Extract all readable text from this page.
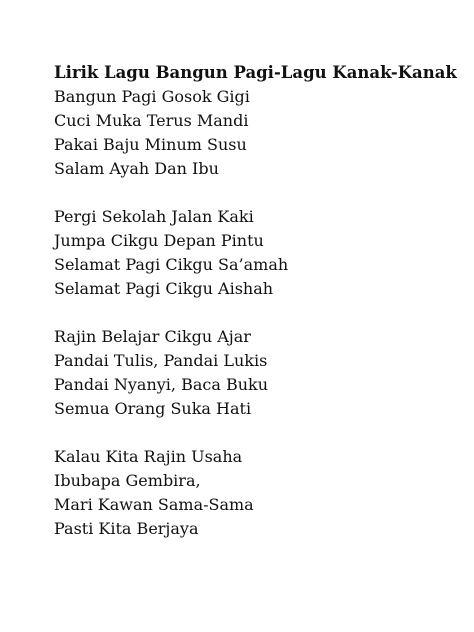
Lirik Lagu Bangun Pagi-Lagu Kanak-Kanak
Bangun Pagi Gosok Gigi
Cuci Muka Terus Mandi
Pakai Baju Minum Susu
Salam Ayah Dan Ibu
Pergi Sekolah Jalan Kaki
Jumpa Cikgu Depan Pintu
Selamat Pagi Cikgu Sa’amah
Selamat Pagi Cikgu Aishah
Rajin Belajar Cikgu Ajar
Pandai Tulis, Pandai Lukis
Pandai Nyanyi, Baca Buku
Semua Orang Suka Hati
Kalau Kita Rajin Usaha
Ibubapa Gembira,
Mari Kawan Sama-Sama
Pasti Kita Berjaya
